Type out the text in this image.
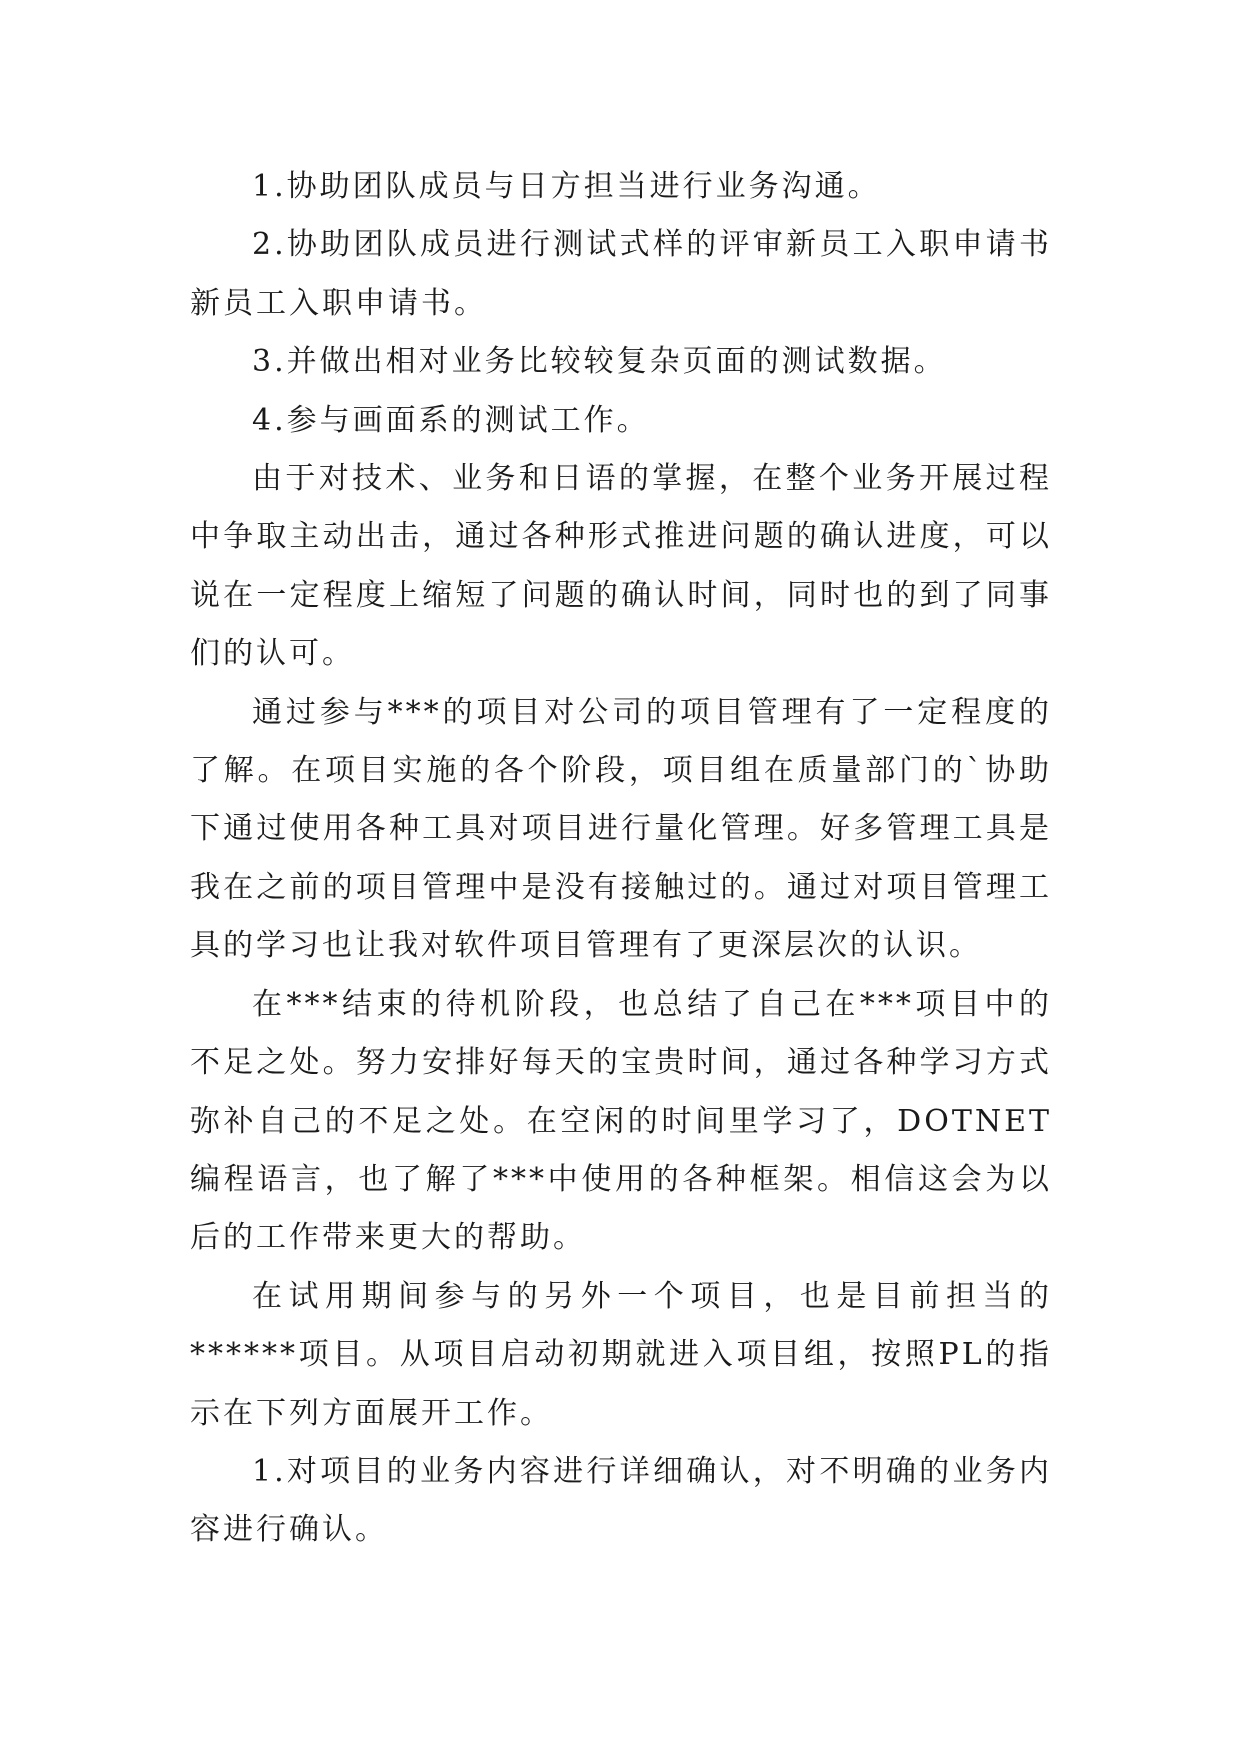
1.协助团队成员与日方担当进行业务沟通。

2.协助团队成员进行测试式样的评审新员工入职申请书新员工入职申请书。

3.并做出相对业务比较较复杂页面的测试数据。

4.参与画面系的测试工作。

由于对技术、业务和日语的掌握，在整个业务开展过程中争取主动出击，通过各种形式推进问题的确认进度，可以说在一定程度上缩短了问题的确认时间，同时也的到了同事们的认可。

通过参与***的项目对公司的项目管理有了一定程度的了解。在项目实施的各个阶段，项目组在质量部门的`协助下通过使用各种工具对项目进行量化管理。好多管理工具是我在之前的项目管理中是没有接触过的。通过对项目管理工具的学习也让我对软件项目管理有了更深层次的认识。

在***结束的待机阶段，也总结了自己在***项目中的不足之处。努力安排好每天的宝贵时间，通过各种学习方式弥补自己的不足之处。在空闲的时间里学习了，DOTNET编程语言，也了解了***中使用的各种框架。相信这会为以后的工作带来更大的帮助。

在试用期间参与的另外一个项目，也是目前担当的******项目。从项目启动初期就进入项目组，按照PL的指示在下列方面展开工作。

1.对项目的业务内容进行详细确认，对不明确的业务内容进行确认。
